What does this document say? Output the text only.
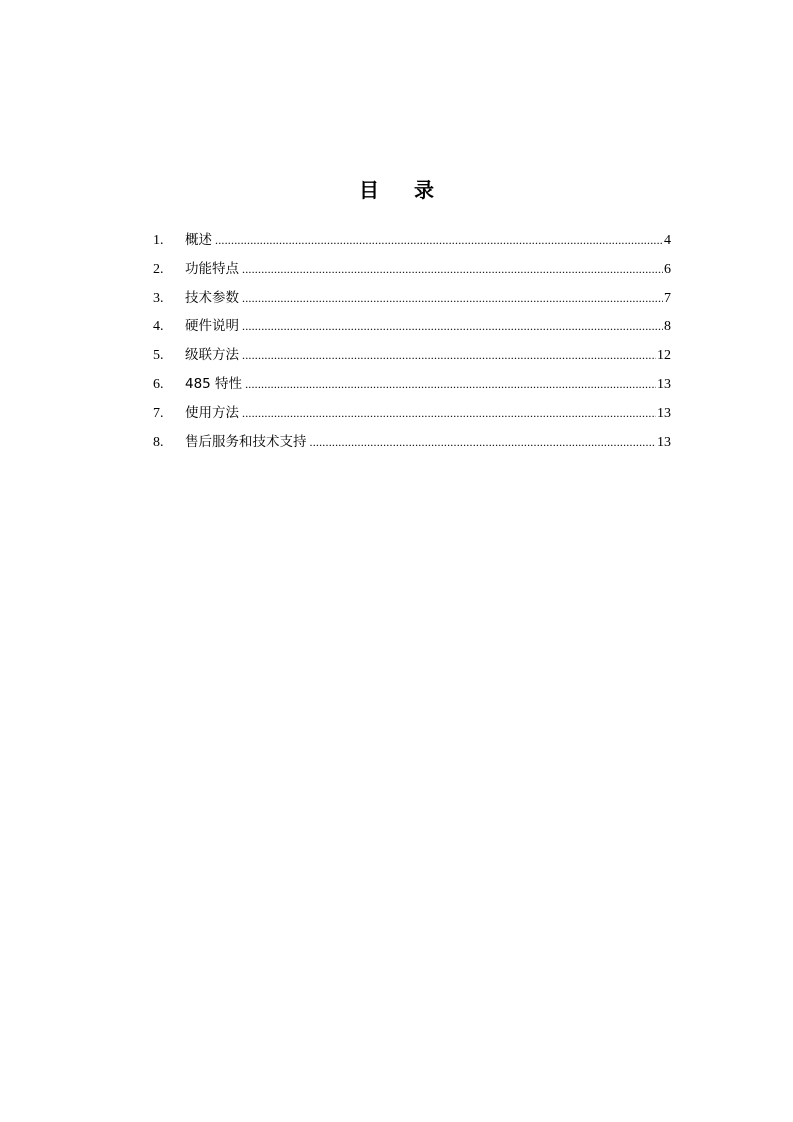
目 录
1.	概述 .....	4
2.	功能特点 .....	6
3.	技术参数 .....	7
4.	硬件说明 .....	8
5.	级联方法 .....	12
6.	485 特性 .....	13
7.	使用方法 .....	13
8.	售后服务和技术支持 .....	13
